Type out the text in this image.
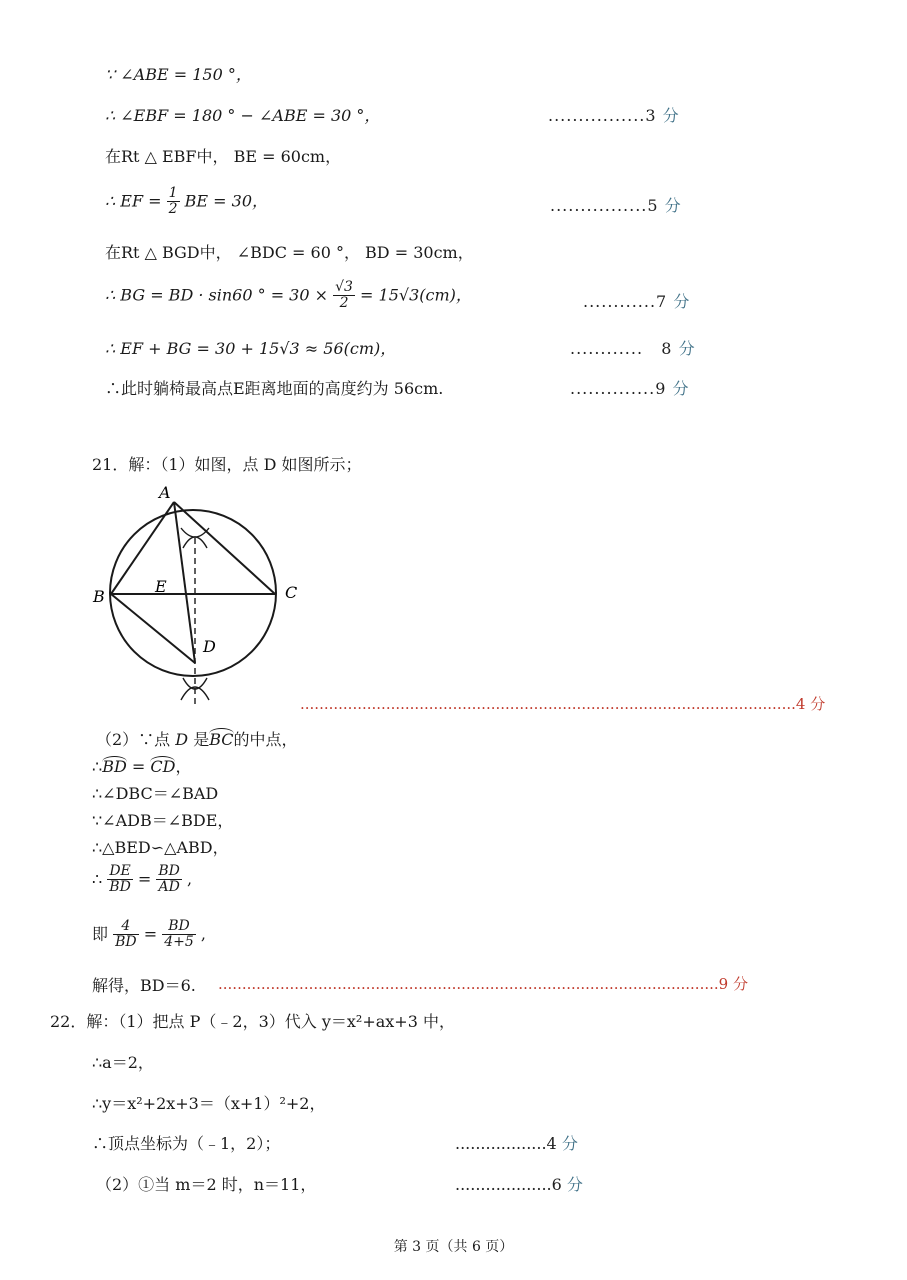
∵ ∠ABE = 150 °，
∴ ∠EBF = 180 ° − ∠ABE = 30 °，	................3 分
在Rt △ EBF中， BE = 60cm，
∴ EF = $\frac{1}{2}$ BE = 30，	................5 分
在Rt △ BGD中， ∠BDC = 60 °， BD = 30cm，
∴ BG = BD · sin60 ° = $30 \times \frac{√3}{2} = 15√3(cm)$，	............7 分
∴ EF + BG = 30 + 15√3 ≈ 56(cm)，	............   8 分
∴此时躺椅最高点E距离地面的高度约为 56cm.	..............9 分
21．解：（1）如图，点 D 如图所示；
A
B	C
D
E
........................................................................................................4 分
（2）∵点 D 是BC的中点，
∴BD = CD，
∴∠DBC＝∠BAD
∵∠ADB＝∠BDE，
∴△BED∽△ABD，
∴ $\frac{DE}{BD} = \frac{BD}{AD}$ ,
即 $\frac{4}{BD} = \frac{BD}{4+5}$ ,
解得，BD＝6. .........................................................................................................9 分
22．解：（1）把点 P（﹣2，3）代入 y＝x²+ax+3 中，
∴a＝2，
∴y＝x²+2x+3＝（x+1）²+2，
∴顶点坐标为（﹣1，2）；	..................4 分
（2）①当 m＝2 时，n＝11，	...................6 分
第 3 页（共 6 页）
